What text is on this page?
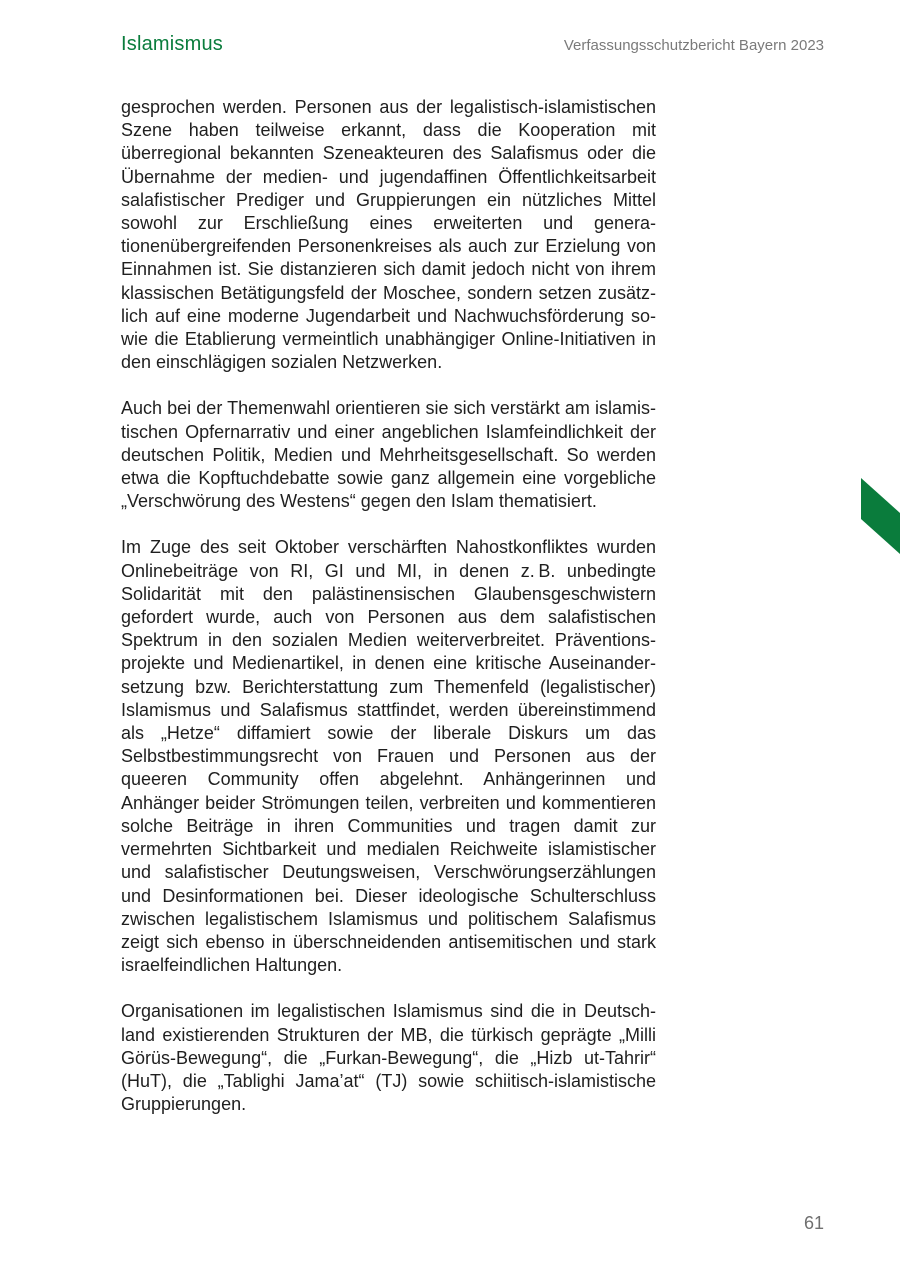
Islamismus	Verfassungsschutzbericht Bayern 2023

gesprochen werden. Personen aus der legalistisch-islamistischen Szene haben teilweise erkannt, dass die Kooperation mit überregional bekannten Szeneakteuren des Salafismus oder die Übernahme der medien- und jugendaffinen Öffentlichkeitsarbeit salafistischer Prediger und Gruppierungen ein nützliches Mittel sowohl zur Erschließung eines erweiterten und generationenübergreifenden Personenkreises als auch zur Erzielung von Einnahmen ist. Sie distanzieren sich damit jedoch nicht von ihrem klassischen Betätigungsfeld der Moschee, sondern setzen zusätzlich auf eine moderne Jugendarbeit und Nachwuchsförderung sowie die Etablierung vermeintlich unabhängiger Online-Initiativen in den einschlägigen sozialen Netzwerken.

Auch bei der Themenwahl orientieren sie sich verstärkt am islamistischen Opfernarrativ und einer angeblichen Islamfeindlichkeit der deutschen Politik, Medien und Mehrheitsgesellschaft. So werden etwa die Kopftuchdebatte sowie ganz allgemein eine vorgebliche „Verschwörung des Westens“ gegen den Islam thematisiert.

Im Zuge des seit Oktober verschärften Nahostkonfliktes wurden Onlinebeiträge von RI, GI und MI, in denen z. B. unbedingte Solidarität mit den palästinensischen Glaubensgeschwistern gefordert wurde, auch von Personen aus dem salafistischen Spektrum in den sozialen Medien weiterverbreitet. Präventionsprojekte und Medienartikel, in denen eine kritische Auseinandersetzung bzw. Berichterstattung zum Themenfeld (legalistischer) Islamismus und Salafismus stattfindet, werden übereinstimmend als „Hetze“ diffamiert sowie der liberale Diskurs um das Selbstbestimmungsrecht von Frauen und Personen aus der queeren Community offen abgelehnt. Anhängerinnen und Anhänger beider Strömungen teilen, verbreiten und kommentieren solche Beiträge in ihren Communities und tragen damit zur vermehrten Sichtbarkeit und medialen Reichweite islamistischer und salafistischer Deutungsweisen, Verschwörungserzählungen und Desinformationen bei. Dieser ideologische Schulterschluss zwischen legalistischem Islamismus und politischem Salafismus zeigt sich ebenso in überschneidenden antisemitischen und stark israelfeindlichen Haltungen.

Organisationen im legalistischen Islamismus sind die in Deutschland existierenden Strukturen der MB, die türkisch geprägte „Milli Görüs-Bewegung“, die „Furkan-Bewegung“, die „Hizb ut-Tahrir“ (HuT), die „Tablighi Jama’at“ (TJ) sowie schiitisch-islamistische Gruppierungen.

61
